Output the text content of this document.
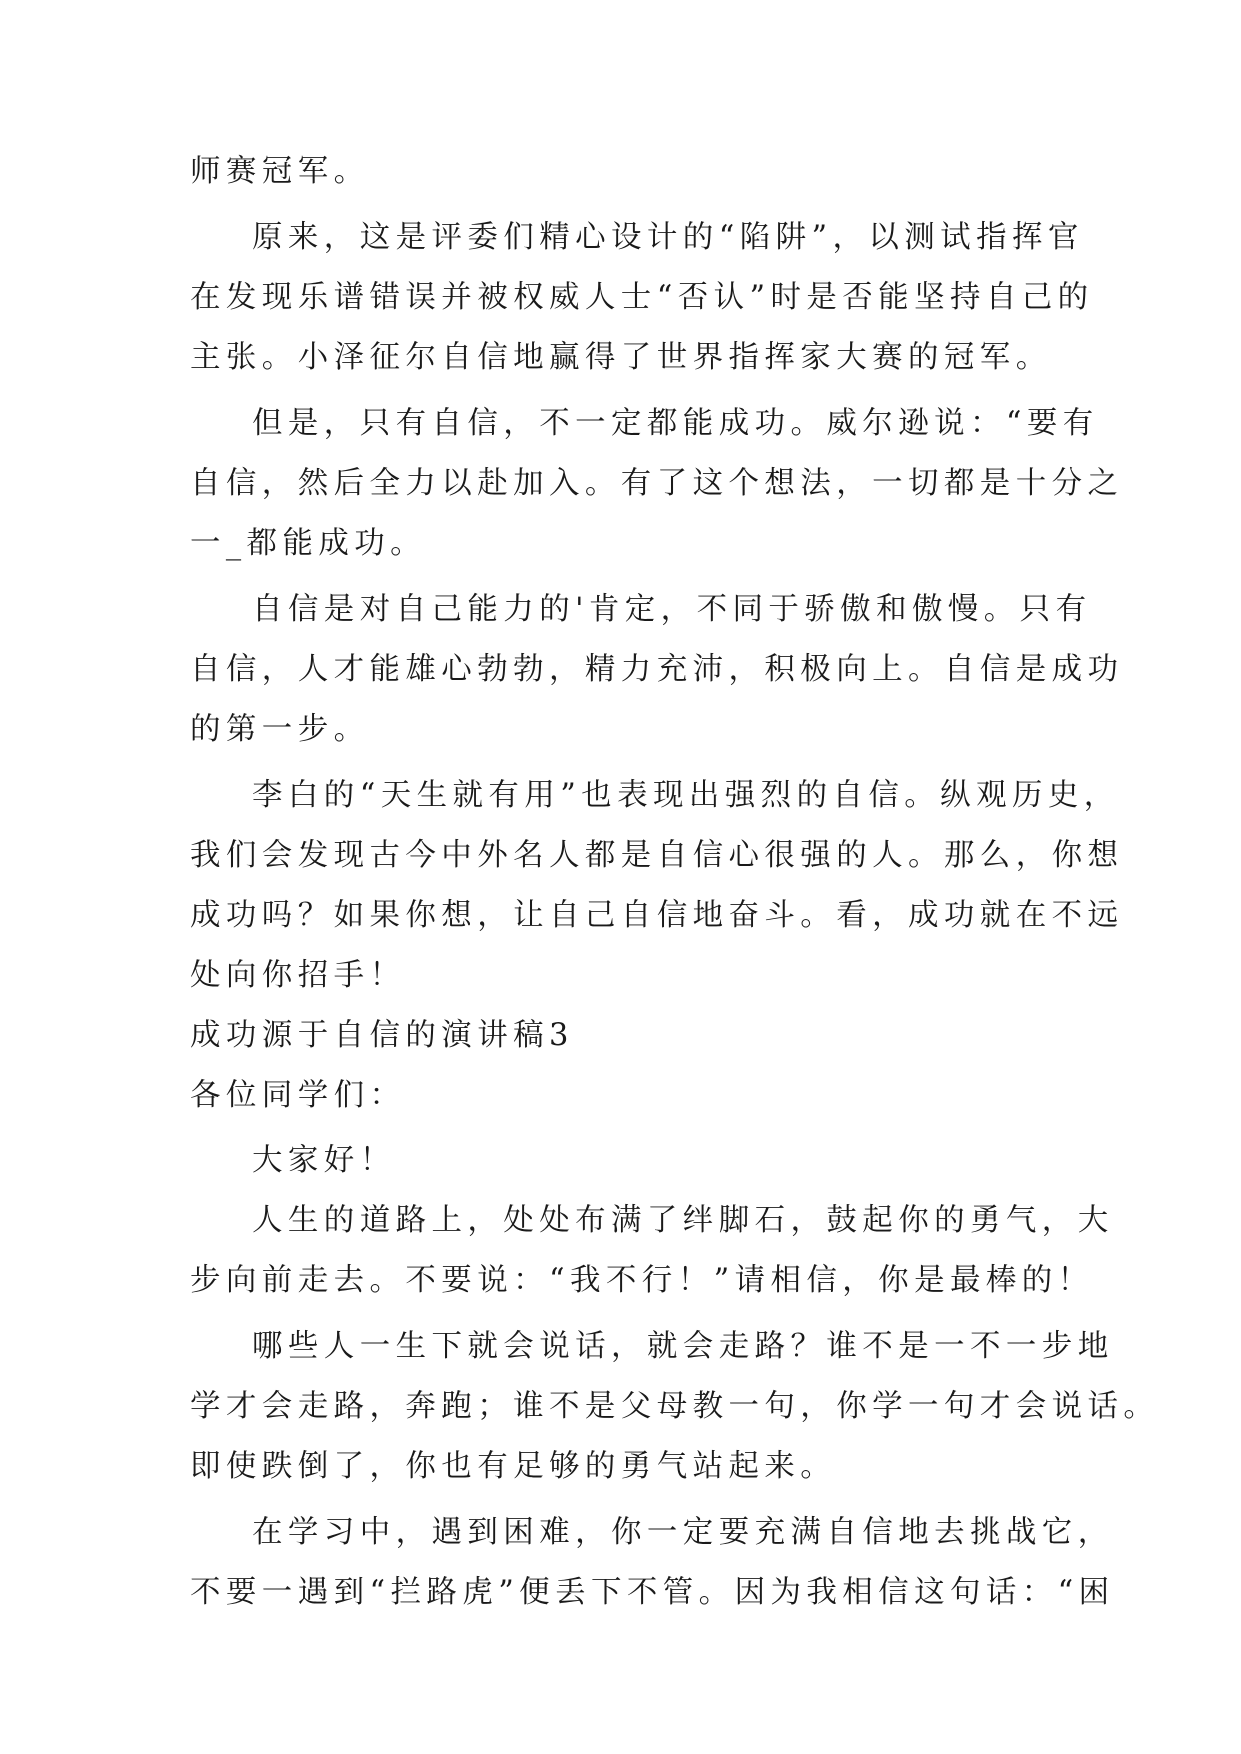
师赛冠军。
原来，这是评委们精心设计的“陷阱”，以测试指挥官
在发现乐谱错误并被权威人士“否认”时是否能坚持自己的
主张。小泽征尔自信地赢得了世界指挥家大赛的冠军。
但是，只有自信，不一定都能成功。威尔逊说：“要有
自信，然后全力以赴加入。有了这个想法，一切都是十分之
一_都能成功。
自信是对自己能力的'肯定，不同于骄傲和傲慢。只有
自信，人才能雄心勃勃，精力充沛，积极向上。自信是成功
的第一步。
李白的“天生就有用”也表现出强烈的自信。纵观历史，
我们会发现古今中外名人都是自信心很强的人。那么，你想
成功吗？如果你想，让自己自信地奋斗。看，成功就在不远
处向你招手！
成功源于自信的演讲稿3
各位同学们：
大家好！
人生的道路上，处处布满了绊脚石，鼓起你的勇气，大
步向前走去。不要说：“我不行！”请相信，你是最棒的！
哪些人一生下就会说话，就会走路？谁不是一不一步地
学才会走路，奔跑；谁不是父母教一句，你学一句才会说话。
即使跌倒了，你也有足够的勇气站起来。
在学习中，遇到困难，你一定要充满自信地去挑战它，
不要一遇到“拦路虎”便丢下不管。因为我相信这句话：“困
